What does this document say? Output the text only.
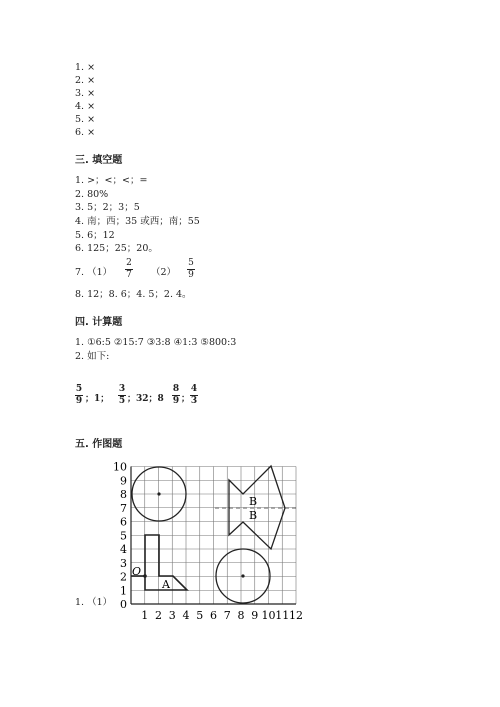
1. ×
2. ×
3. ×
4. ×
5. ×
6. ×
三. 填空题
1. >；<；<；=
2. 80%
3. 5；2；3；5
4. 南；西；35 或西；南；55
5. 6；12
6. 125；25；20。
7. （1）
2
7 （2）
5
9
8. 12；8. 6；4. 5；2. 4。
四. 计算题
1. ①6:5 ②15:7 ③3:8 ④1:3 ⑤800:3
2. 如下:
5
9 ；1；
3
5 ；32；8
8
9 ；
4
3
五. 作图题
1. （1）
10
9
8
7
6
5
4
3
2
1
0
1 2 3 4 5 6 7 8 9 10 11 12
O
A
B
B
